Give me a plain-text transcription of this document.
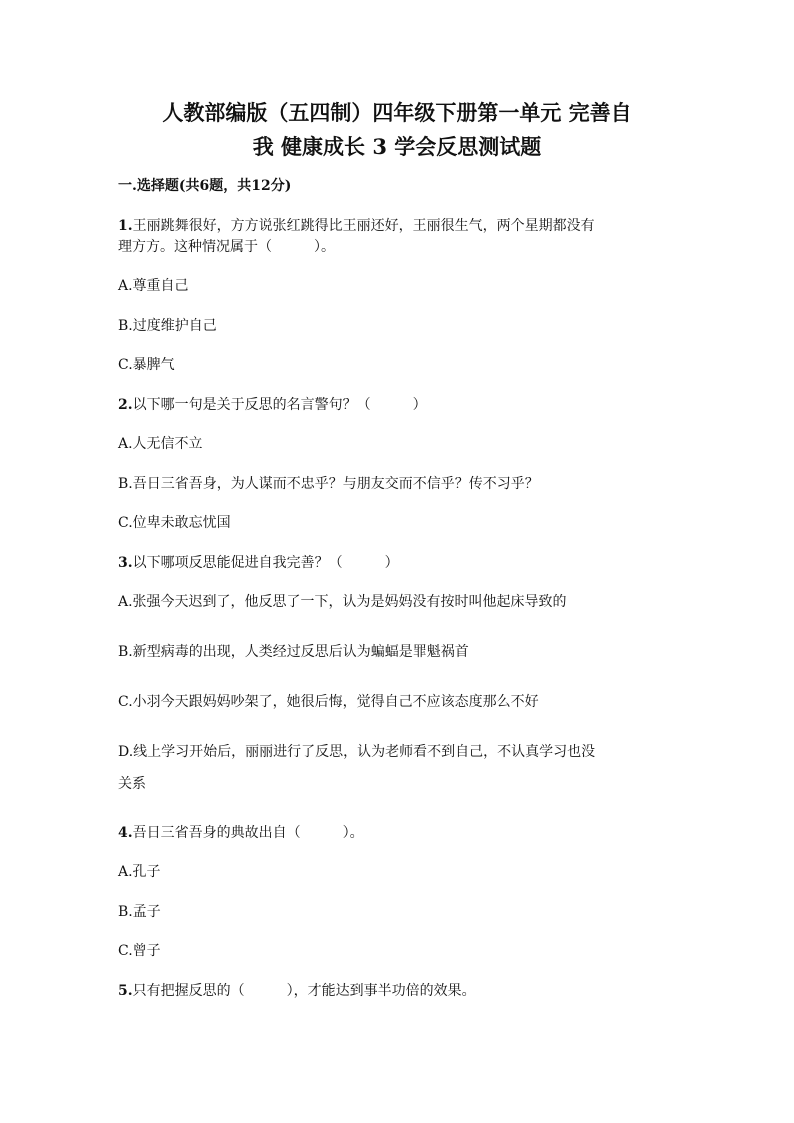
人教部编版（五四制）四年级下册第一单元 完善自
我 健康成长 3 学会反思测试题
一.选择题(共6题，共12分)
1.王丽跳舞很好，方方说张红跳得比王丽还好，王丽很生气，两个星期都没有
理方方。这种情况属于（　　　）。
A.尊重自己
B.过度维护自己
C.暴脾气
2.以下哪一句是关于反思的名言警句？（　　　）
A.人无信不立
B.吾日三省吾身，为人谋而不忠乎？与朋友交而不信乎？传不习乎？
C.位卑未敢忘忧国
3.以下哪项反思能促进自我完善？（　　　）
A.张强今天迟到了，他反思了一下，认为是妈妈没有按时叫他起床导致的
B.新型病毒的出现，人类经过反思后认为蝙蝠是罪魁祸首
C.小羽今天跟妈妈吵架了，她很后悔，觉得自己不应该态度那么不好
D.线上学习开始后，丽丽进行了反思，认为老师看不到自己，不认真学习也没
关系
4.吾日三省吾身的典故出自（　　　）。
A.孔子
B.孟子
C.曾子
5.只有把握反思的（　　　），才能达到事半功倍的效果。
